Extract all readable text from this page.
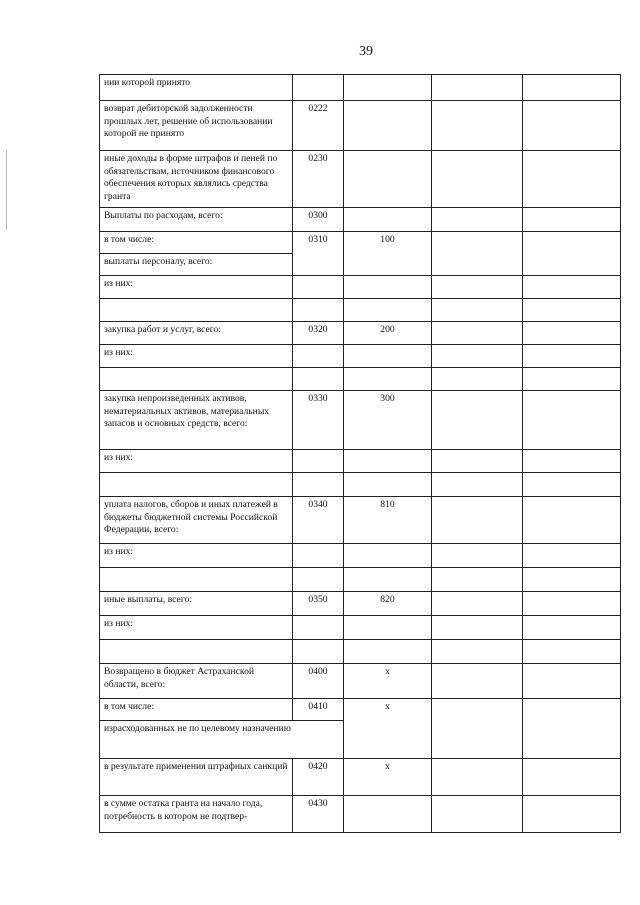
39
нии которой принято				
возврат дебиторской задолженности прошлых лет, решение об использовании которой не принято	0222			
иные доходы в форме штрафов и пеней по обязательствам, источником финансового обеспечения которых являлись средства гранта	0230			
Выплаты по расходам, всего:	0300			
в том числе:	0310	100		
выплаты персоналу, всего:				
из них:				

закупка работ и услуг, всего:	0320	200		
из них:				

закупка непроизведенных активов, нематериальных активов, материальных запасов и основных средств, всего:	0330	300		
из них:				

уплата налогов, сборов и иных платежей в бюджеты бюджетной системы Российской Федерации, всего:	0340	810		
из них:				

иные выплаты, всего:	0350	820		
из них:				

Возвращено в бюджет Астраханской области, всего:	0400	x		
в том числе:	0410	x		
израсходованных не по целевому назначению				
в результате применения штрафных санкций	0420	x		
в сумме остатка гранта на начало года, потребность в котором не подтвер-	0430			
